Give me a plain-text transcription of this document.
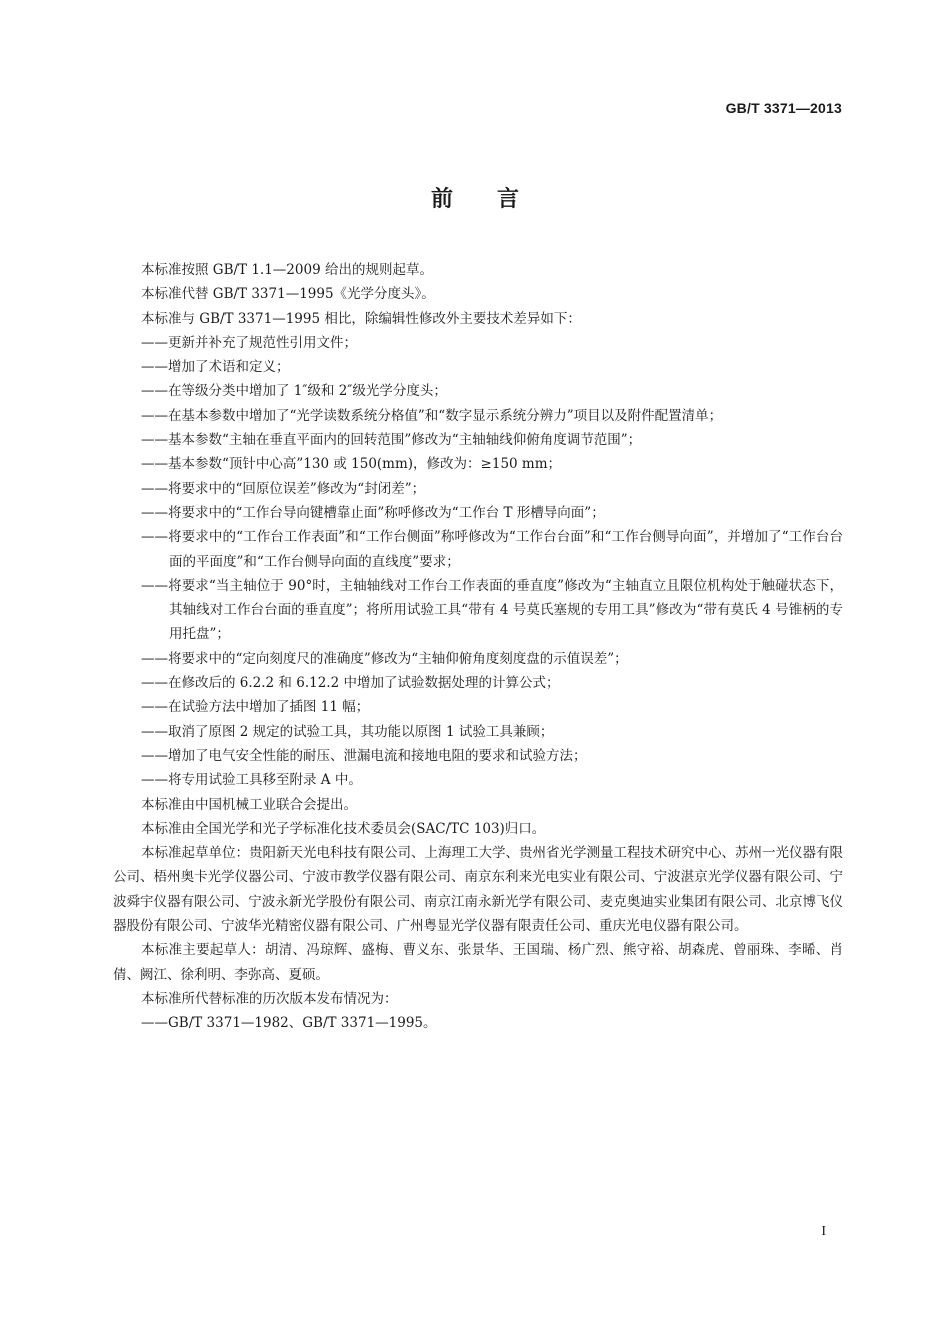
GB/T 3371—2013
前言

本标准按照 GB/T 1.1—2009 给出的规则起草。

本标准代替 GB/T 3371—1995《光学分度头》。

本标准与 GB/T 3371—1995 相比，除编辑性修改外主要技术差异如下：

——更新并补充了规范性引用文件；

——增加了术语和定义；

——在等级分类中增加了 1″级和 2″级光学分度头；

——在基本参数中增加了“光学读数系统分格值”和“数字显示系统分辨力”项目以及附件配置清单；

——基本参数“主轴在垂直平面内的回转范围”修改为“主轴轴线仰俯角度调节范围”；

——基本参数“顶针中心高”130 或 150(mm)，修改为：≥150 mm；

——将要求中的“回原位误差”修改为“封闭差”；

——将要求中的“工作台导向键槽靠止面”称呼修改为“工作台 T 形槽导向面”；

——将要求中的“工作台工作表面”和“工作台侧面”称呼修改为“工作台台面”和“工作台侧导向面”，并增加了“工作台台面的平面度”和“工作台侧导向面的直线度”要求；

——将要求“当主轴位于 90°时，主轴轴线对工作台工作表面的垂直度”修改为“主轴直立且限位机构处于触碰状态下，其轴线对工作台台面的垂直度”；将所用试验工具“带有 4 号莫氏塞规的专用工具”修改为“带有莫氏 4 号锥柄的专用托盘”；

——将要求中的“定向刻度尺的准确度”修改为“主轴仰俯角度刻度盘的示值误差”；

——在修改后的 6.2.2 和 6.12.2 中增加了试验数据处理的计算公式；

——在试验方法中增加了插图 11 幅；

——取消了原图 2 规定的试验工具，其功能以原图 1 试验工具兼顾；

——增加了电气安全性能的耐压、泄漏电流和接地电阻的要求和试验方法；

——将专用试验工具移至附录 A 中。

本标准由中国机械工业联合会提出。

本标准由全国光学和光子学标准化技术委员会(SAC/TC 103)归口。

本标准起草单位：贵阳新天光电科技有限公司、上海理工大学、贵州省光学测量工程技术研究中心、苏州一光仪器有限公司、梧州奥卡光学仪器公司、宁波市教学仪器有限公司、南京东利来光电实业有限公司、宁波湛京光学仪器有限公司、宁波舜宇仪器有限公司、宁波永新光学股份有限公司、南京江南永新光学有限公司、麦克奥迪实业集团有限公司、北京博飞仪器股份有限公司、宁波华光精密仪器有限公司、广州粤显光学仪器有限责任公司、重庆光电仪器有限公司。

本标准主要起草人：胡清、冯琼辉、盛梅、曹义东、张景华、王国瑞、杨广烈、熊守裕、胡森虎、曾丽珠、李晞、肖倩、阙江、徐利明、李弥高、夏硕。

本标准所代替标准的历次版本发布情况为：

——GB/T 3371—1982、GB/T 3371—1995。

I
